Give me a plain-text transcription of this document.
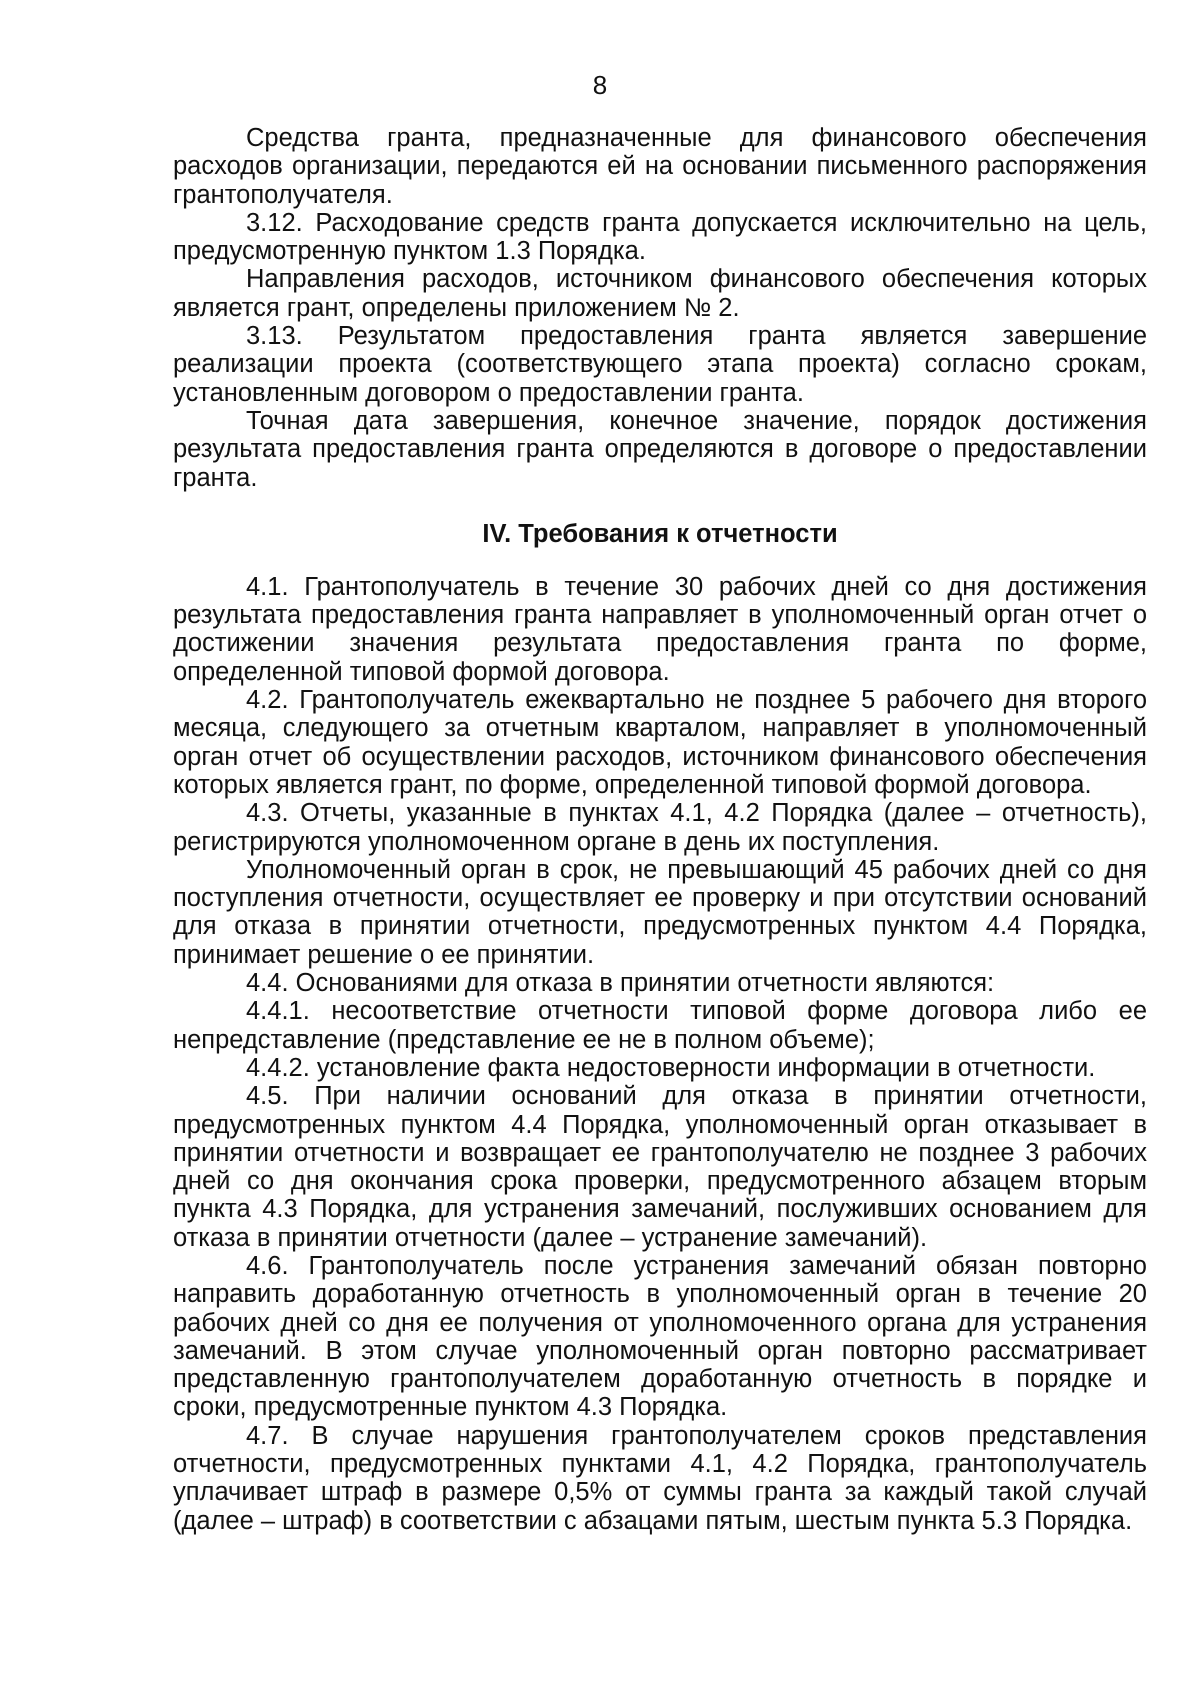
8

Средства гранта, предназначенные для финансового обеспечения расходов организации, передаются ей на основании письменного распоряжения грантополучателя.

3.12. Расходование средств гранта допускается исключительно на цель, предусмотренную пунктом 1.3 Порядка.

Направления расходов, источником финансового обеспечения которых является грант, определены приложением № 2.

3.13. Результатом предоставления гранта является завершение реализации проекта (соответствующего этапа проекта) согласно срокам, установленным договором о предоставлении гранта.

Точная дата завершения, конечное значение, порядок достижения результата предоставления гранта определяются в договоре о предоставлении гранта.

IV. Требования к отчетности

4.1. Грантополучатель в течение 30 рабочих дней со дня достижения результата предоставления гранта направляет в уполномоченный орган отчет о достижении значения результата предоставления гранта по форме, определенной типовой формой договора.

4.2. Грантополучатель ежеквартально не позднее 5 рабочего дня второго месяца, следующего за отчетным кварталом, направляет в уполномоченный орган отчет об осуществлении расходов, источником финансового обеспечения которых является грант, по форме, определенной типовой формой договора.

4.3. Отчеты, указанные в пунктах 4.1, 4.2 Порядка (далее – отчетность), регистрируются уполномоченном органе в день их поступления.

Уполномоченный орган в срок, не превышающий 45 рабочих дней со дня поступления отчетности, осуществляет ее проверку и при отсутствии оснований для отказа в принятии отчетности, предусмотренных пунктом 4.4 Порядка, принимает решение о ее принятии.

4.4. Основаниями для отказа в принятии отчетности являются:

4.4.1. несоответствие отчетности типовой форме договора либо ее непредставление (представление ее не в полном объеме);

4.4.2. установление факта недостоверности информации в отчетности.

4.5. При наличии оснований для отказа в принятии отчетности, предусмотренных пунктом 4.4 Порядка, уполномоченный орган отказывает в принятии отчетности и возвращает ее грантополучателю не позднее 3 рабочих дней со дня окончания срока проверки, предусмотренного абзацем вторым пункта 4.3 Порядка, для устранения замечаний, послуживших основанием для отказа в принятии отчетности (далее – устранение замечаний).

4.6. Грантополучатель после устранения замечаний обязан повторно направить доработанную отчетность в уполномоченный орган в течение 20 рабочих дней со дня ее получения от уполномоченного органа для устранения замечаний. В этом случае уполномоченный орган повторно рассматривает представленную грантополучателем доработанную отчетность в порядке и сроки, предусмотренные пунктом 4.3 Порядка.

4.7. В случае нарушения грантополучателем сроков представления отчетности, предусмотренных пунктами 4.1, 4.2 Порядка, грантополучатель уплачивает штраф в размере 0,5% от суммы гранта за каждый такой случай (далее – штраф) в соответствии с абзацами пятым, шестым пункта 5.3 Порядка.
